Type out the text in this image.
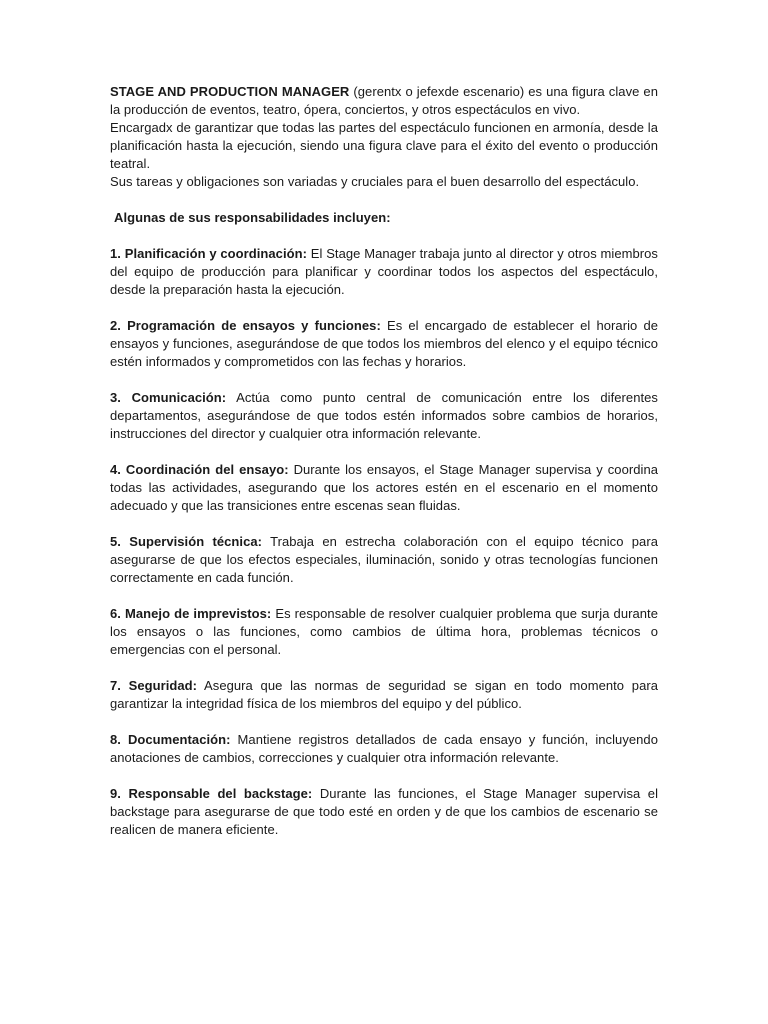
STAGE AND PRODUCTION MANAGER (gerentx o jefexde escenario) es una figura clave en la producción de eventos, teatro, ópera, conciertos, y otros espectáculos en vivo.

Encargadx de garantizar que todas las partes del espectáculo funcionen en armonía, desde la planificación hasta la ejecución, siendo una figura clave para el éxito del evento o producción teatral.

Sus tareas y obligaciones son variadas y cruciales para el buen desarrollo del espectáculo.

Algunas de sus responsabilidades incluyen:

1. Planificación y coordinación: El Stage Manager trabaja junto al director y otros miembros del equipo de producción para planificar y coordinar todos los aspectos del espectáculo, desde la preparación hasta la ejecución.

2. Programación de ensayos y funciones: Es el encargado de establecer el horario de ensayos y funciones, asegurándose de que todos los miembros del elenco y el equipo técnico estén informados y comprometidos con las fechas y horarios.

3. Comunicación: Actúa como punto central de comunicación entre los diferentes departamentos, asegurándose de que todos estén informados sobre cambios de horarios, instrucciones del director y cualquier otra información relevante.

4. Coordinación del ensayo: Durante los ensayos, el Stage Manager supervisa y coordina todas las actividades, asegurando que los actores estén en el escenario en el momento adecuado y que las transiciones entre escenas sean fluidas.

5. Supervisión técnica: Trabaja en estrecha colaboración con el equipo técnico para asegurarse de que los efectos especiales, iluminación, sonido y otras tecnologías funcionen correctamente en cada función.

6. Manejo de imprevistos: Es responsable de resolver cualquier problema que surja durante los ensayos o las funciones, como cambios de última hora, problemas técnicos o emergencias con el personal.

7. Seguridad: Asegura que las normas de seguridad se sigan en todo momento para garantizar la integridad física de los miembros del equipo y del público.

8. Documentación: Mantiene registros detallados de cada ensayo y función, incluyendo anotaciones de cambios, correcciones y cualquier otra información relevante.

9. Responsable del backstage: Durante las funciones, el Stage Manager supervisa el backstage para asegurarse de que todo esté en orden y de que los cambios de escenario se realicen de manera eficiente.
